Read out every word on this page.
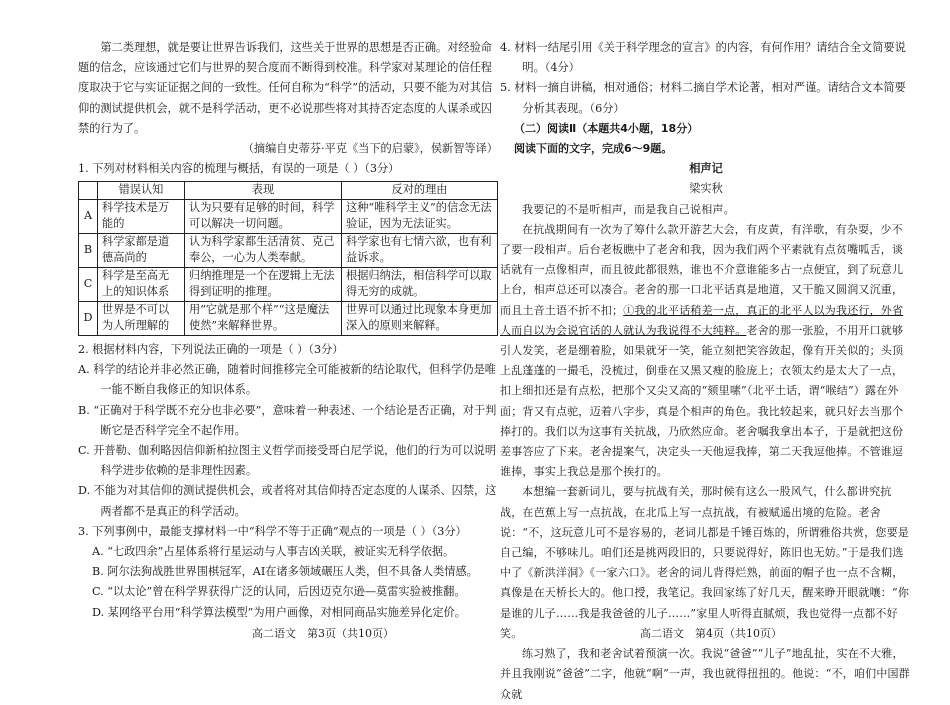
第二类理想，就是要让世界告诉我们，这些关于世界的思想是否正确。对经验命题的信念，应该通过它们与世界的契合度而不断得到校准。科学家对某理论的信任程度取决于它与实证证据之间的一致性。任何自称为“科学”的活动，只要不能为对其信仰的测试提供机会，就不是科学活动，更不必说那些将对其持否定态度的人谋杀或囚禁的行为了。

（摘编自史蒂芬·平克《当下的启蒙》，侯新智等译）

1. 下列对材料相关内容的梳理与概括，有误的一项是（ ）（3分）

	错误认知	表现	反对的理由
A	科学技术是万能的	认为只要有足够的时间，科学可以解决一切问题。	这种“唯科学主义”的信念无法验证，因为无法证实。
B	科学家都是道德高尚的	认为科学家都生活清贫、克己奉公，一心为人类奉献。	科学家也有七情六欲，也有利益诉求。
C	科学是至高无上的知识体系	归纳推理是一个在逻辑上无法得到证明的推理。	根据归纳法，相信科学可以取得无穷的成就。
D	世界是不可以为人所理解的	用“它就是那个样”“这是魔法使然”来解释世界。	世界可以通过比现象本身更加深入的原则来解释。

2. 根据材料内容，下列说法正确的一项是（ ）（3分）

A. 科学的结论并非必然正确，随着时间推移完全可能被新的结论取代，但科学仍是唯一能不断自我修正的知识体系。

B. “正确对于科学既不充分也非必要”，意味着一种表述、一个结论是否正确，对于判断它是否科学完全不起作用。

C. 开普勒、伽利略因信仰新柏拉图主义哲学而接受哥白尼学说，他们的行为可以说明科学进步依赖的是非理性因素。

D. 不能为对其信仰的测试提供机会，或者将对其信仰持否定态度的人谋杀、囚禁，这两者都不是真正的科学活动。

3. 下列事例中，最能支撑材料一中“科学不等于正确”观点的一项是（ ）（3分）

A. “七政四余”占星体系将行星运动与人事吉凶关联，被证实无科学依据。

B. 阿尔法狗战胜世界围棋冠军，AI在诸多领域碾压人类，但不具备人类情感。

C. “以太论”曾在科学界获得广泛的认同，后因迈克尔逊—莫雷实验被推翻。

D. 某网络平台用“科学算法模型”为用户画像，对相同商品实施差异化定价。

4. 材料一结尾引用《关于科学理念的宣言》的内容，有何作用？请结合全文简要说明。（4分）

5. 材料一摘自讲稿，相对通俗；材料二摘自学术论著，相对严谨。请结合文本简要分析其表现。（6分）

（二）阅读Ⅱ（本题共4小题，18分）

阅读下面的文字，完成6～9题。

相声记

梁实秋

我要记的不是听相声，而是我自己说相声。

在抗战期间有一次为了筹什么款开游艺大会，有皮黄，有洋歌，有杂耍，少不了要一段相声。后台老板瞧中了老舍和我，因为我们两个平素就有点贫嘴呱舌，谈话就有一点像相声，而且彼此都很熟，谁也不介意谁能多占一点便宜，到了玩意儿上台，相声总还可以凑合。老舍的那一口北平话真是地道，又干脆又圆润又沉重，而且土音土语不折不扣；①我的北平话稍差一点，真正的北平人以为我还行，外省人而自以为会说官话的人就认为我说得不大纯粹。老舍的那一张脸，不用开口就够引人发笑，老是绷着脸，如果就牙一笑，能立刻把笑容敛起，像有开关似的；头顶上乱蓬蓬的一撮毛，没梳过，倒垂在又黑又瘦的脸庞上；衣领太约是太大了一点，扣上细扣还是有点松，把那个又尖又高的“颏里嗉”（北平土话，谓“喉结”）露在外面；背又有点驼，迈着八字步，真是个相声的角色。我比较起来，就只好去当那个捧打的。我们以为这事有关抗战，乃欣然应命。老舍嘱我拿出本子，于是就把这份差事答应了下来。老舍提案气，决定头一天他逗我捧，第二天我逗他捧。不管谁逗谁捧，事实上我总是那个挨打的。

本想编一套新词儿，要与抗战有关，那时候有这么一股风气，什么都讲究抗战，在芭蕉上写一点抗战，在北瓜上写一点抗战，有被赋遥出境的危险。老舍说：“不，这玩意儿可不是容易的，老词儿都是千锤百炼的，所谓雅俗共赏，您要是自己编，不够味儿。咱们还是挑两段旧的，只要说得好，陈旧也无妨。”于是我们选中了《新洪洋洞》《一家六口》。老舍的词儿背得烂熟，前面的帽子也一点不含糊，真像是在天桥长大的。他口授，我笔记。我回家练了好几天，醒来睁开眼就嚷：“你是谁的儿子……我是我爸爸的儿子……”家里人听得直腻烦，我也觉得一点都不好笑。

练习熟了，我和老舍试着预演一次。我说“爸爸”“儿子”地乱扯，实在不大雅，并且我刚说“爸爸”二字，他就“啊”一声，我也就得扭扭的。他说：“不，咱们中国群众就

高二语文　第3页（共10页）	高二语文　第4页（共10页）
